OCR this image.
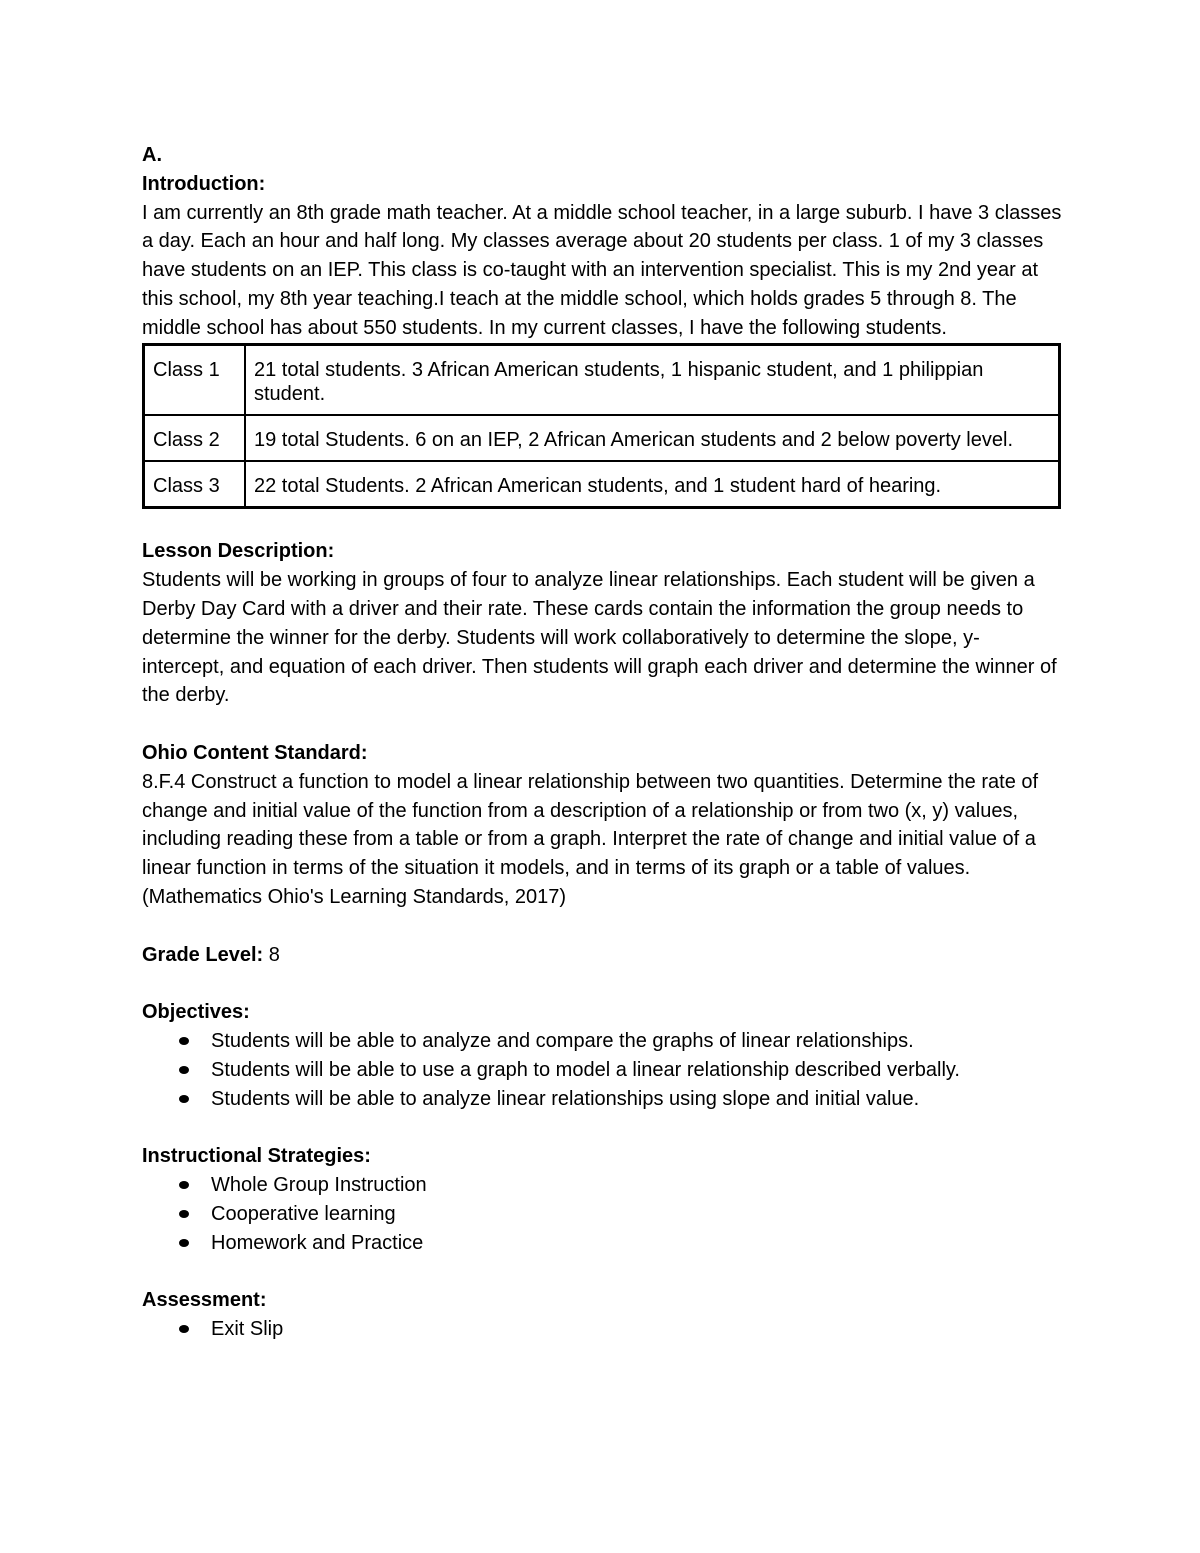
A.
Introduction:

I am currently an 8th grade math teacher. At a middle school teacher, in a large suburb. I have 3 classes a day. Each an hour and half long. My classes average about 20 students per class. 1 of my 3 classes have students on an IEP. This class is co-taught with an intervention specialist. This is my 2nd year at this school, my 8th year teaching.I teach at the middle school, which holds grades 5 through 8. The middle school has about 550 students. In my current classes, I have the following students.

Class 1	21 total students. 3 African American students, 1 hispanic student, and 1 philippian student.
Class 2	19 total Students. 6 on an IEP, 2 African American students and 2 below poverty level.
Class 3	22 total Students. 2 African American students, and 1 student hard of hearing.
Lesson Description:

Students will be working in groups of four to analyze linear relationships. Each student will be given a Derby Day Card with a driver and their rate. These cards contain the information the group needs to determine the winner for the derby. Students will work collaboratively to determine the slope, y-intercept, and equation of each driver. Then students will graph each driver and determine the winner of the derby.

Ohio Content Standard:

8.F.4 Construct a function to model a linear relationship between two quantities. Determine the rate of change and initial value of the function from a description of a relationship or from two (x, y) values, including reading these from a table or from a graph. Interpret the rate of change and initial value of a linear function in terms of the situation it models, and in terms of its graph or a table of values. (Mathematics Ohio's Learning Standards, 2017)

Grade Level: 8
Objectives:
Students will be able to analyze and compare the graphs of linear relationships.
Students will be able to use a graph to model a linear relationship described verbally.
Students will be able to analyze linear relationships using slope and initial value.
Instructional Strategies:
Whole Group Instruction
Cooperative learning
Homework and Practice
Assessment:
Exit Slip
